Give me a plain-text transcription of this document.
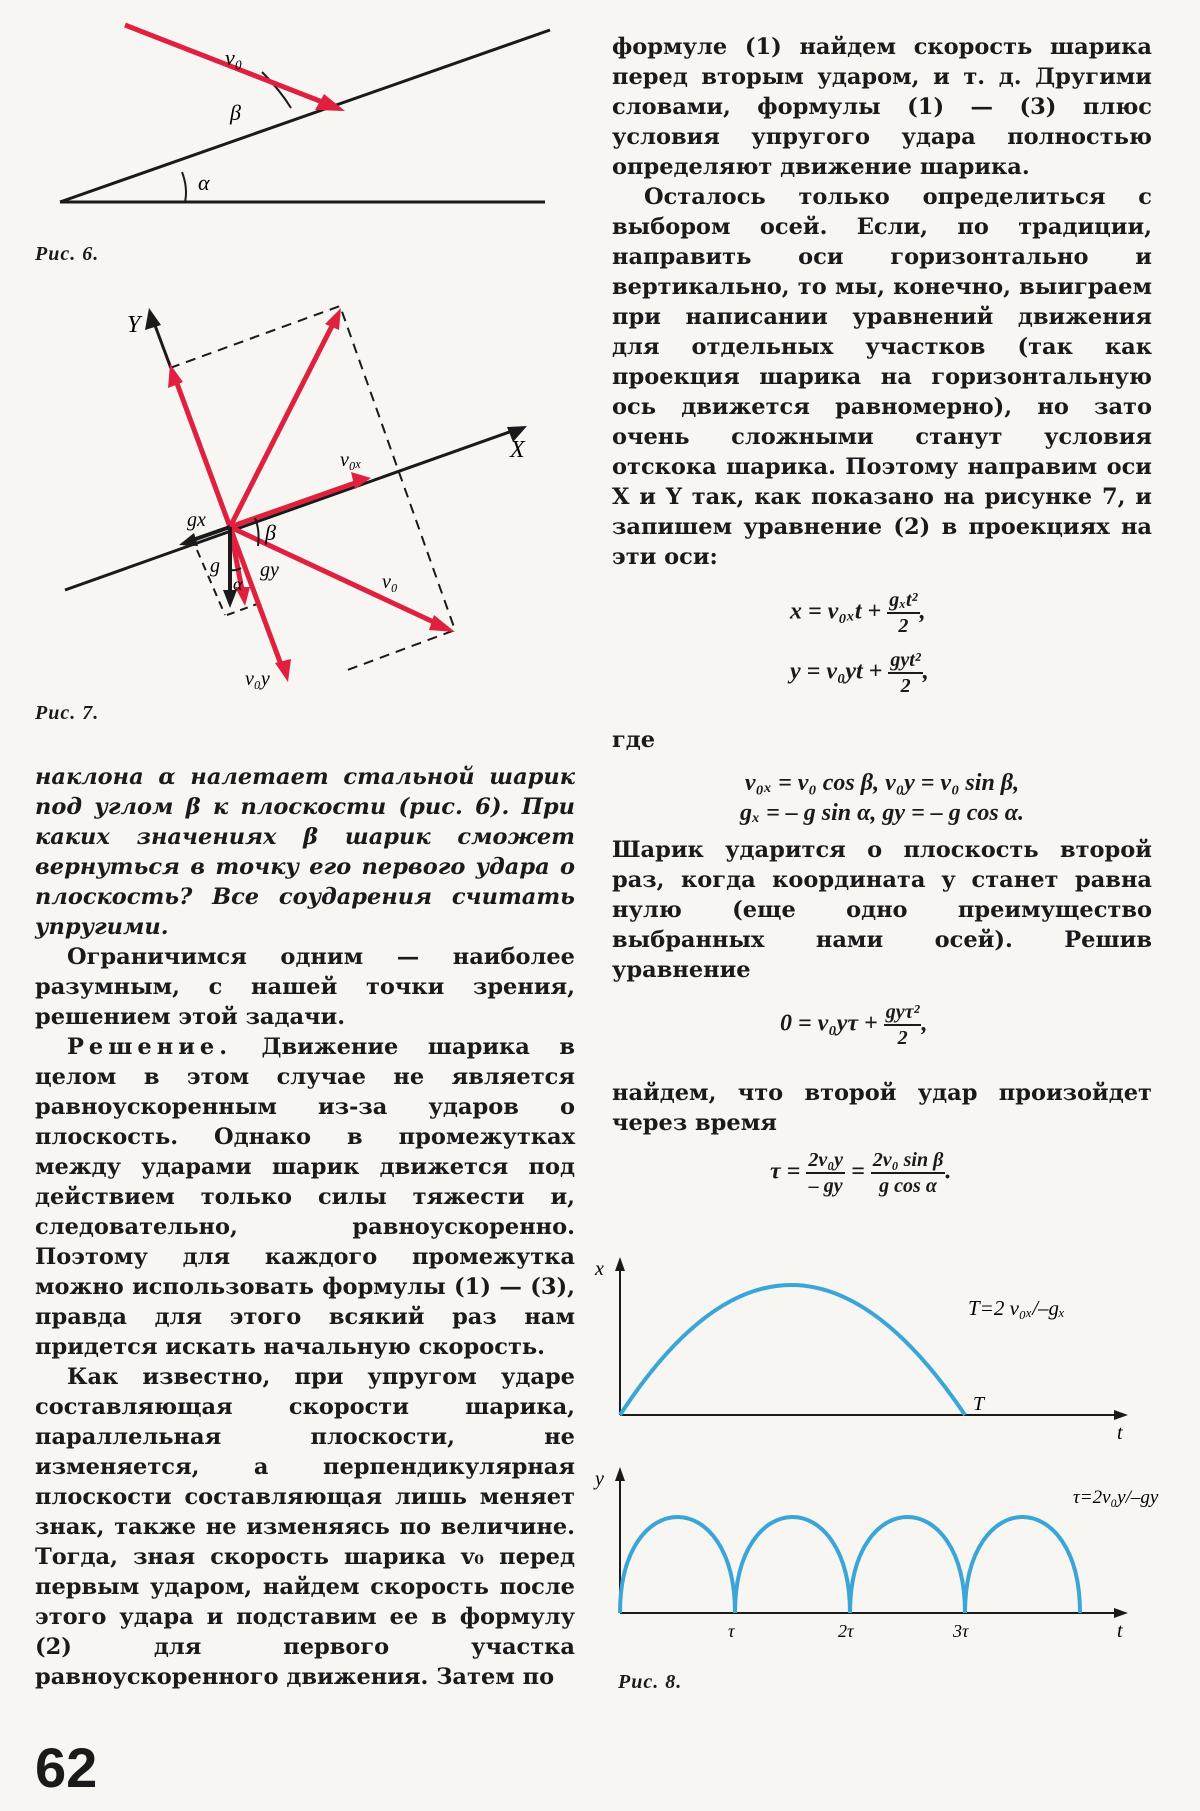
v₀
β
α
Рис. 6.
X
Y
v₀ₓ
gx	β
g gy
α	v₀
v₀y
Рис. 7.

наклона α налетает стальной шарик под углом β к плоскости (рис. 6). При каких значениях β шарик сможет вернуться в точку его первого удара о плоскость? Все соударения считать упругими.

Ограничимся одним — наиболее разумным, с нашей точки зрения, решением этой задачи.

Решение. Движение шарика в целом в этом случае не является равноускоренным из-за ударов о плоскость. Однако в промежутках между ударами шарик движется под действием только силы тяжести и, следовательно, равноускоренно. Поэтому для каждого промежутка можно использовать формулы (1) — (3), правда для этого всякий раз нам придется искать начальную скорость.

Как известно, при упругом ударе составляющая скорости шарика, параллельная плоскости, не изменяется, а перпендикулярная плоскости составляющая лишь меняет знак, также не изменяясь по величине. Тогда, зная скорость шарика v₀ перед первым ударом, найдем скорость после этого удара и подставим ее в формулу (2) для первого участка равноускоренного движения. Затем по

формуле (1) найдем скорость шарика перед вторым ударом, и т. д. Другими словами, формулы (1) — (3) плюс условия упругого удара полностью определяют движение шарика.

Осталось только определиться с выбором осей. Если, по традиции, направить оси горизонтально и вертикально, то мы, конечно, выиграем при написании уравнений движения для отдельных участков (так как проекция шарика на горизонтальную ось движется равномерно), но зато очень сложными станут условия отскока шарика. Поэтому направим оси X и Y так, как показано на рисунке 7, и запишем уравнение (2) в проекциях на эти оси:

$x = v_{0x}t + \frac{\text{gₓt²}}{2}$ ,
$y = v_0yt + \frac{\text{gyt²}}{2}$ ,
где
v₀ₓ = v₀ cos β, v₀y = v₀ sin β,
gₓ = – g sin α, gy = – g cos α.

Шарик ударится о плоскость второй раз, когда координата y станет равна нулю (еще одно преимущество выбранных нами осей). Решив уравнение

$0 = v_0y\tau + \frac{\text{gyτ²}}{2}$ ,

найдем, что второй удар произойдет через время

$\tau = \frac{\text{2v₀y}}{- gy} = \frac{\text{2v₀ sin β}}{\text{g cos α}}$ .
x
t
T
T=2 v₀ₓ/–gₓ
y
t
τ	2τ	3τ
τ=2v₀y/–gy
Рис. 8.
62
